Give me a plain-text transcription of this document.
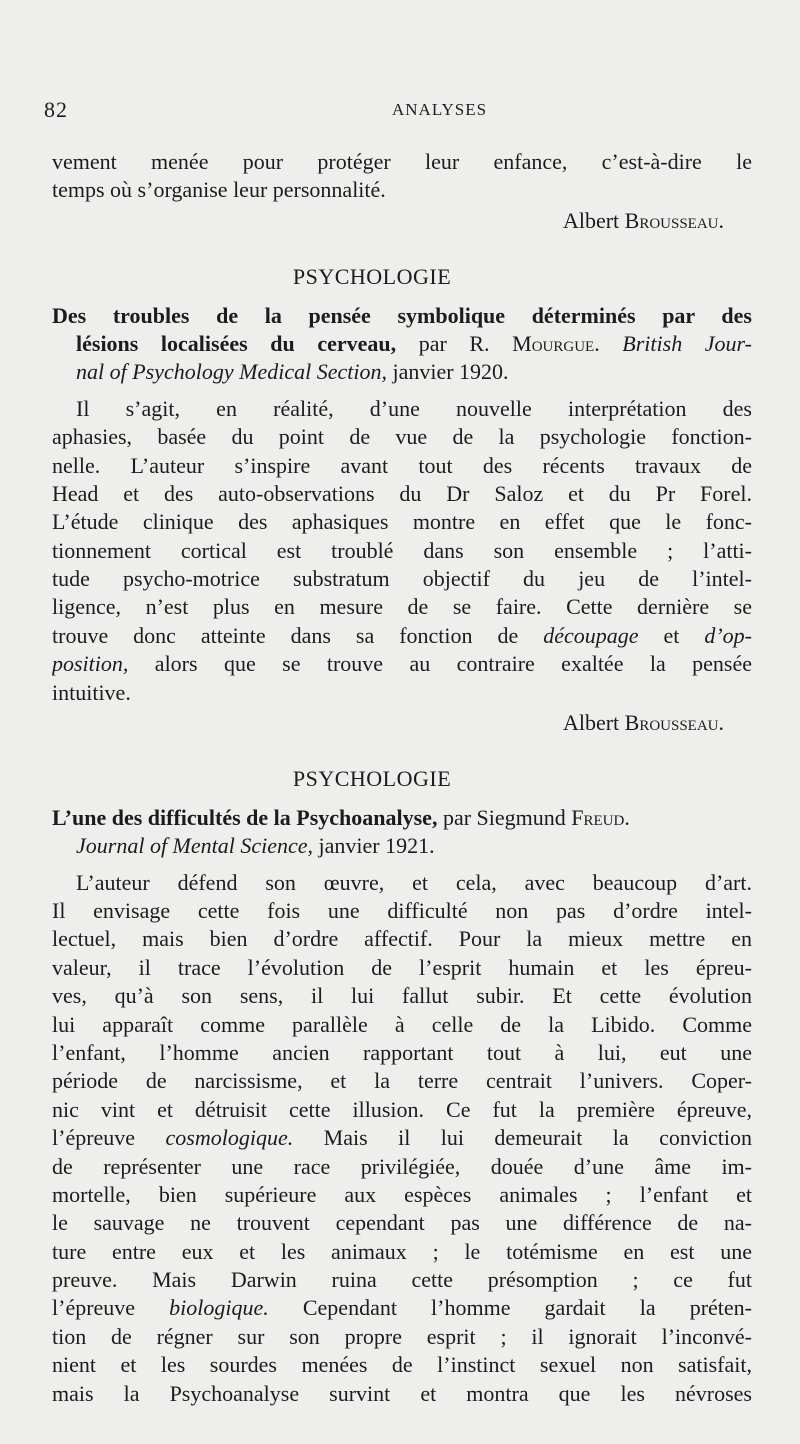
82	ANALYSES
vement menée pour protéger leur enfance, c’est-à-dire le
temps où s’organise leur personnalité.
Albert Brousseau.
PSYCHOLOGIE
Des troubles de la pensée symbolique déterminés par des
lésions localisées du cerveau, par R. Mourgue. British Jour-
nal of Psychology Medical Section, janvier 1920.
Il s’agit, en réalité, d’une nouvelle interprétation des
aphasies, basée du point de vue de la psychologie fonction-
nelle. L’auteur s’inspire avant tout des récents travaux de
Head et des auto-observations du Dr Saloz et du Pr Forel.
L’étude clinique des aphasiques montre en effet que le fonc-
tionnement cortical est troublé dans son ensemble ; l’atti-
tude psycho-motrice substratum objectif du jeu de l’intel-
ligence, n’est plus en mesure de se faire. Cette dernière se
trouve donc atteinte dans sa fonction de découpage et d’op-
position, alors que se trouve au contraire exaltée la pensée
intuitive.
Albert Brousseau.
PSYCHOLOGIE
L’une des difficultés de la Psychoanalyse, par Siegmund Freud.
Journal of Mental Science, janvier 1921.
L’auteur défend son œuvre, et cela, avec beaucoup d’art.
Il envisage cette fois une difficulté non pas d’ordre intel-
lectuel, mais bien d’ordre affectif. Pour la mieux mettre en
valeur, il trace l’évolution de l’esprit humain et les épreu-
ves, qu’à son sens, il lui fallut subir. Et cette évolution
lui apparaît comme parallèle à celle de la Libido. Comme
l’enfant, l’homme ancien rapportant tout à lui, eut une
période de narcissisme, et la terre centrait l’univers. Coper-
nic vint et détruisit cette illusion. Ce fut la première épreuve,
l’épreuve cosmologique. Mais il lui demeurait la conviction
de représenter une race privilégiée, douée d’une âme im-
mortelle, bien supérieure aux espèces animales ; l’enfant et
le sauvage ne trouvent cependant pas une différence de na-
ture entre eux et les animaux ; le totémisme en est une
preuve. Mais Darwin ruina cette présomption ; ce fut
l’épreuve biologique. Cependant l’homme gardait la préten-
tion de régner sur son propre esprit ; il ignorait l’inconvé-
nient et les sourdes menées de l’instinct sexuel non satisfait,
mais la Psychoanalyse survint et montra que les névroses
